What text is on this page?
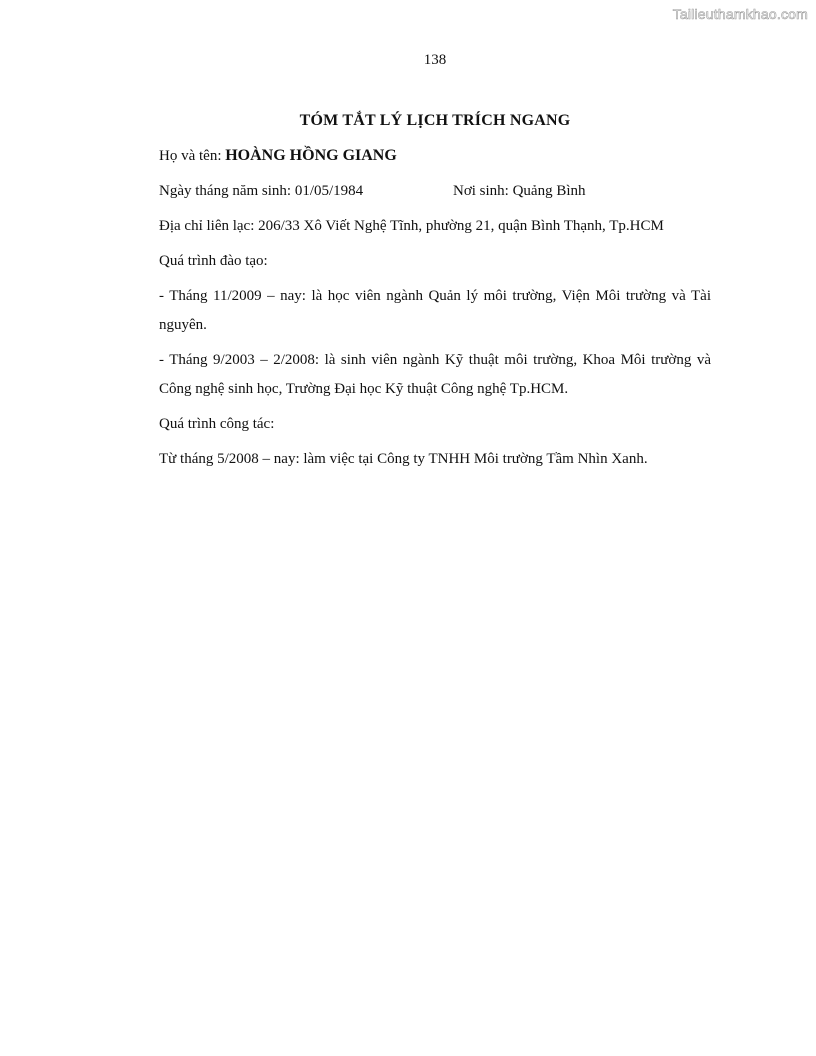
Tailieuthamkhao.com
138
TÓM TẮT LÝ LỊCH TRÍCH NGANG
Họ và tên: HOÀNG HỒNG GIANG
Ngày tháng năm sinh: 01/05/1984	Nơi sinh: Quảng Bình
Địa chỉ liên lạc: 206/33 Xô Viết Nghệ Tĩnh, phường 21, quận Bình Thạnh, Tp.HCM
Quá trình đào tạo:
- Tháng 11/2009 – nay: là học viên ngành Quản lý môi trường, Viện Môi trường và Tài nguyên.
- Tháng 9/2003 – 2/2008: là sinh viên ngành Kỹ thuật môi trường, Khoa Môi trường và Công nghệ sinh học, Trường Đại học Kỹ thuật Công nghệ Tp.HCM.
Quá trình công tác:
Từ tháng 5/2008 – nay: làm việc tại Công ty TNHH Môi trường Tầm Nhìn Xanh.
